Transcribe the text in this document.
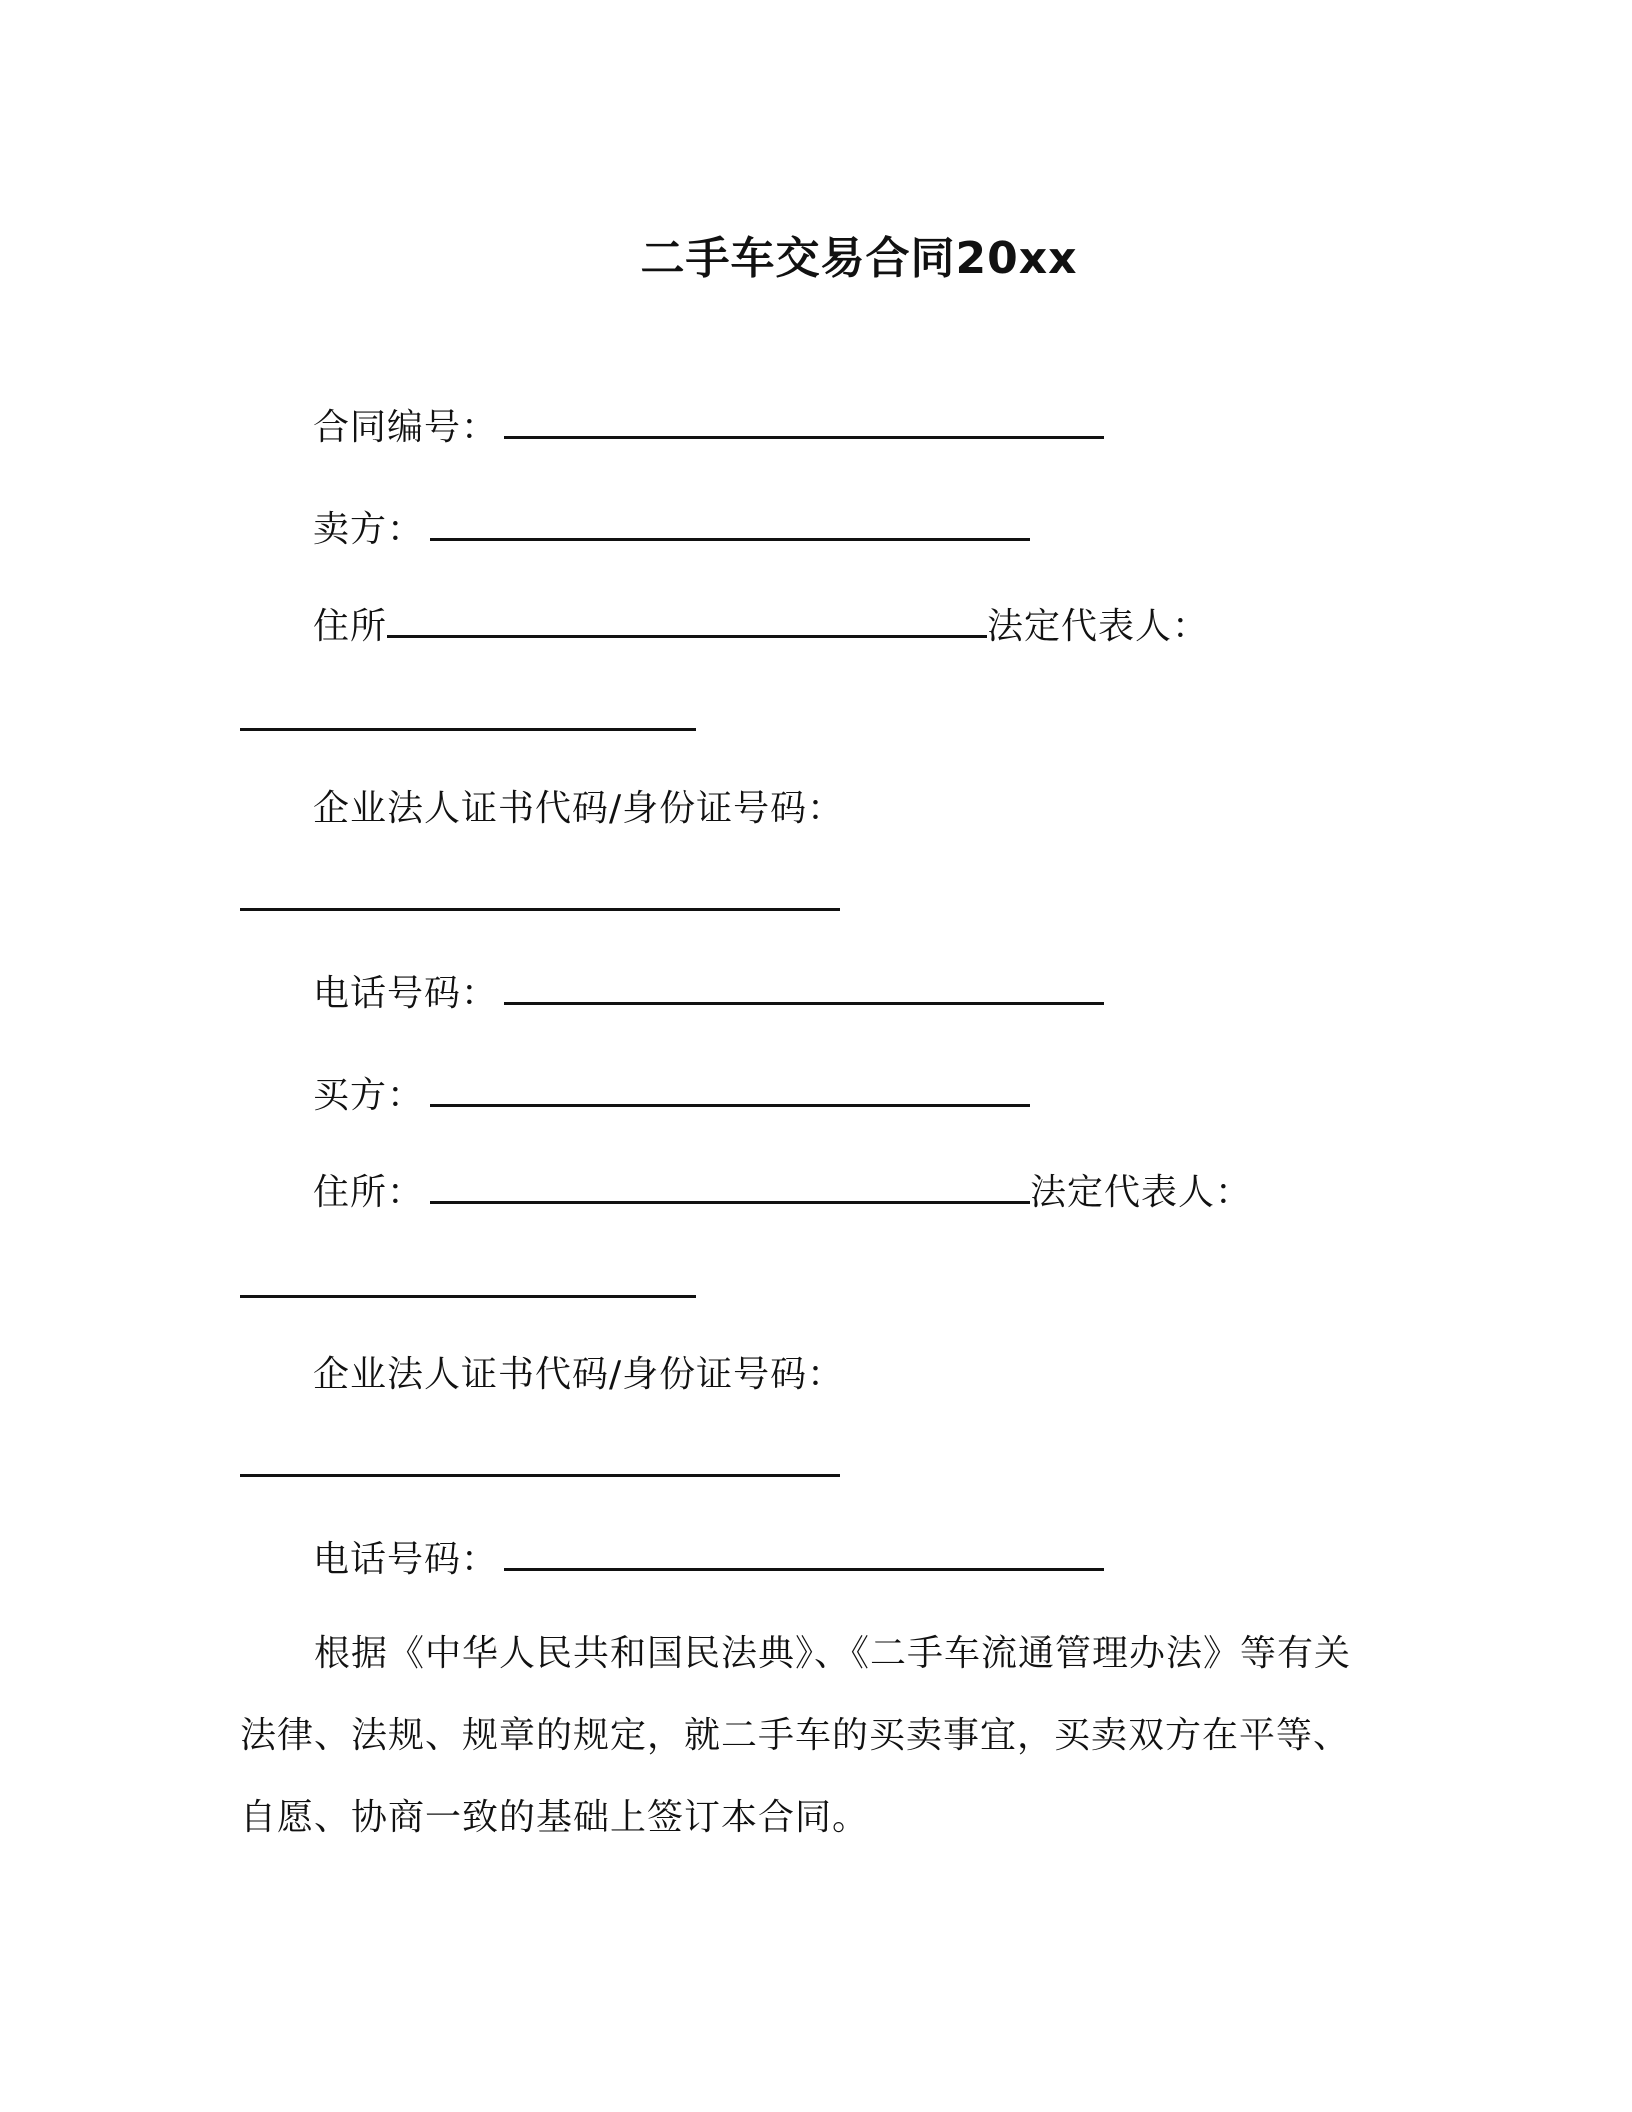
二手车交易合同20xx
合同编号：
卖方：
住所	法定代表人：
企业法人证书代码/身份证号码：
电话号码：
买方：
住所：	法定代表人：
企业法人证书代码/身份证号码：
电话号码：

根据《中华人民共和国民法典》、《二手车流通管理办法》等有关法律、法规、规章的规定，就二手车的买卖事宜，买卖双方在平等、自愿、协商一致的基础上签订本合同。
